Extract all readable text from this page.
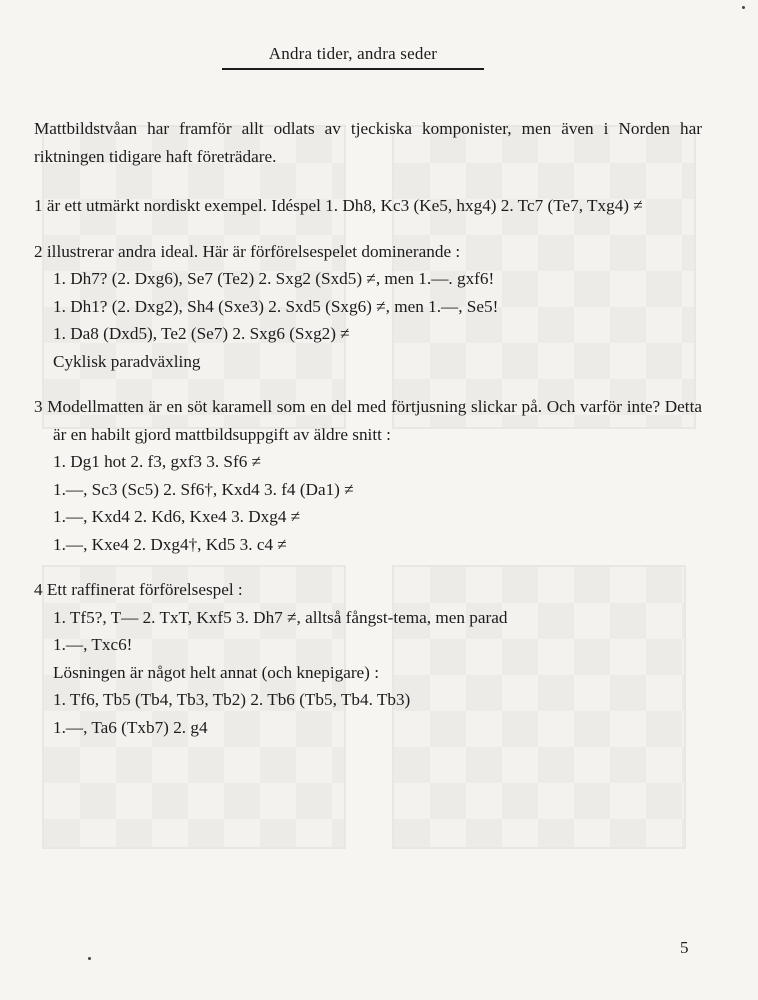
Andra tider, andra seder

Mattbildstvåan har framför allt odlats av tjeckiska komponister, men även i Norden har riktningen tidigare haft företrädare.

1 är ett utmärkt nordiskt exempel. Idéspel 1. Dh8, Kc3 (Ke5, hxg4) 2. Tc7 (Te7, Txg4) ≠

2 illustrerar andra ideal. Här är förförelsespelet dominerande :

1. Dh7? (2. Dxg6), Se7 (Te2) 2. Sxg2 (Sxd5) ≠, men 1.—. gxf6!

1. Dh1? (2. Dxg2), Sh4 (Sxe3) 2. Sxd5 (Sxg6) ≠, men 1.—, Se5!

1. Da8 (Dxd5), Te2 (Se7) 2. Sxg6 (Sxg2) ≠

Cyklisk paradväxling

3 Modellmatten är en söt karamell som en del med förtjusning slickar på. Och varför inte? Detta är en habilt gjord mattbildsuppgift av äldre snitt :

1. Dg1 hot 2. f3, gxf3 3. Sf6 ≠

1.—, Sc3 (Sc5) 2. Sf6†, Kxd4 3. f4 (Da1) ≠

1.—, Kxd4 2. Kd6, Kxe4 3. Dxg4 ≠

1.—, Kxe4 2. Dxg4†, Kd5 3. c4 ≠

4 Ett raffinerat förförelsespel :

1. Tf5?, T— 2. TxT, Kxf5 3. Dh7 ≠, alltså fångst-tema, men parad

1.—, Txc6!

Lösningen är något helt annat (och knepigare) :

1. Tf6, Tb5 (Tb4, Tb3, Tb2) 2. Tb6 (Tb5, Tb4. Tb3)

1.—, Ta6 (Txb7) 2. g4

5
